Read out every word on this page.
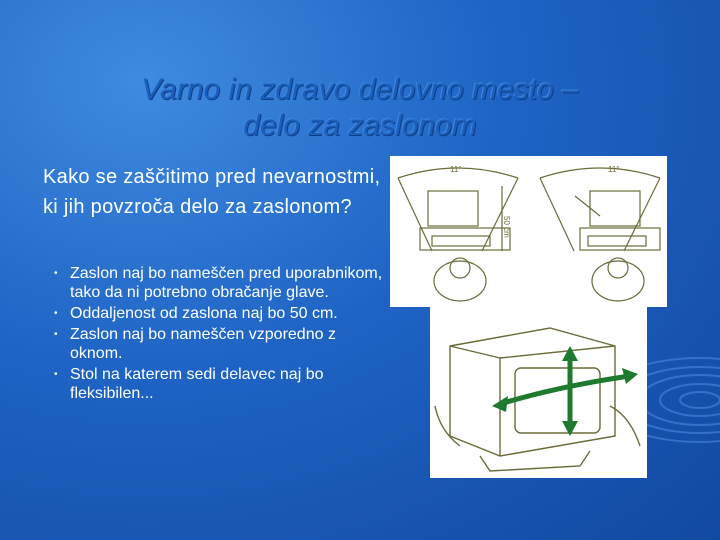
Varno in zdravo delovno mesto –
delo za zaslonom
Kako se zaščitimo pred nevarnostmi, ki jih povzroča delo za zaslonom?
• Zaslon naj bo nameščen pred uporabnikom, tako da ni potrebno obračanje glave.
• Oddaljenost od zaslona naj bo 50 cm.
• Zaslon naj bo nameščen vzporedno z oknom.
• Stol na katerem sedi delavec naj bo fleksibilen...
11°	11°
50 cm
